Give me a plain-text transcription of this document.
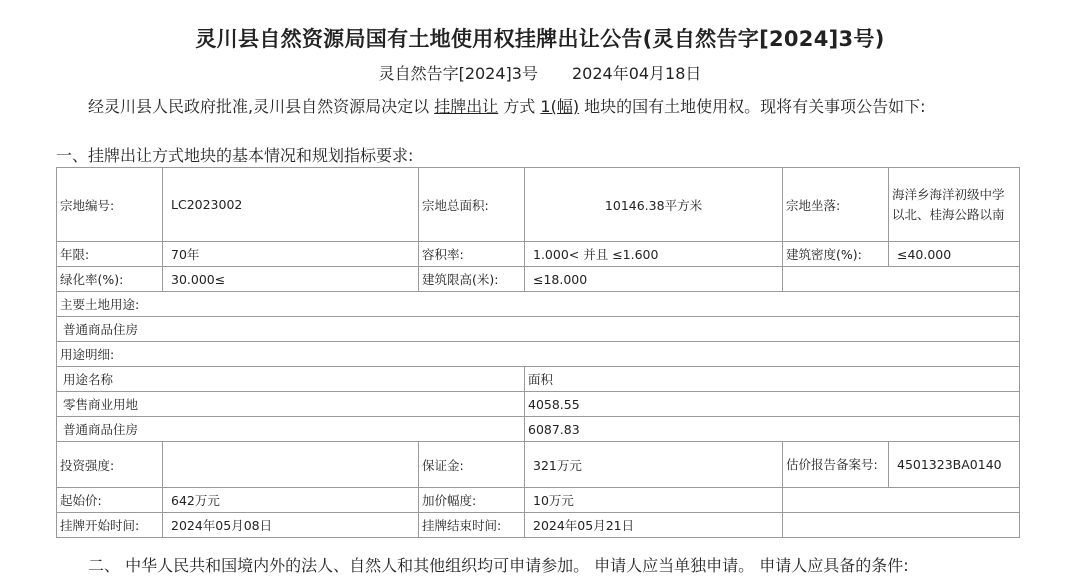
灵川县自然资源局国有土地使用权挂牌出让公告(灵自然告字[2024]3号)
灵自然告字[2024]3号 2024年04月18日
经灵川县人民政府批准,灵川县自然资源局决定以 挂牌出让 方式 1(幅) 地块的国有土地使用权。现将有关事项公告如下:
一、挂牌出让方式地块的基本情况和规划指标要求:
宗地编号:	LC2023002	宗地总面积:	10146.38平方米	宗地坐落:	海洋乡海洋初级中学以北、桂海公路以南
年限:	70年	容积率:	1.000< 并且 ≤1.600	建筑密度(%):	≤40.000
绿化率(%):	30.000≤	建筑限高(米):	≤18.000		
主要土地用途:					
普通商品住房					
用途明细:					
用途名称			面积		
零售商业用地			4058.55		
普通商品住房			6087.83		
投资强度:		保证金:	321万元	估价报告备案号:	4501323BA0140
起始价:	642万元	加价幅度:	10万元		
挂牌开始时间:	2024年05月08日	挂牌结束时间:	2024年05月21日		
二、 中华人民共和国境内外的法人、自然人和其他组织均可申请参加。 申请人应当单独申请。 申请人应具备的条件:
